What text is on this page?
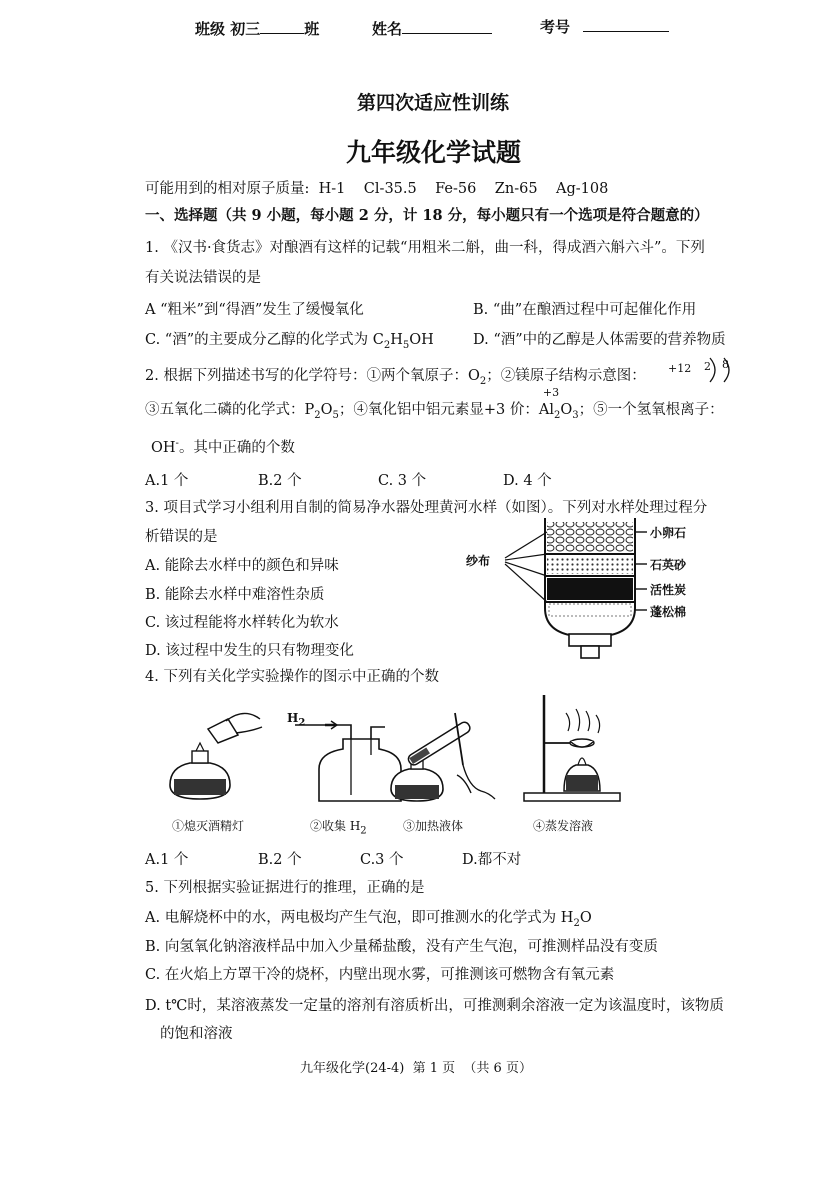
班级 初三	班	姓名	考号
第四次适应性训练
九年级化学试题
可能用到的相对原子质量:  H-1    Cl-35.5    Fe-56    Zn-65    Ag-108
一、选择题（共 9 小题，每小题 2 分，计 18 分，每小题只有一个选项是符合题意的）
1. 《汉书·食货志》对酿酒有这样的记载“用粗米二斛，曲一科，得成酒六斛六斗”。下列
有关说法错误的是
A “粗米”到“得酒”发生了缓慢氧化	B. “曲”在酿酒过程中可起催化作用
C. “酒”的主要成分乙醇的化学式为 $C_2H_5OH$	D. “酒”中的乙醇是人体需要的营养物质
2. 根据下列描述书写的化学符号：①两个氧原子：$O_2$；②镁原子结构示意图： +12 2 8
③五氧化二磷的化学式：$P_2O_5$；④氧化铝中铝元素显+3 价：
+3
$Al_2O_3$；⑤一个氢氧根离子：
OH-。其中正确的个数
A.1 个	B.2 个	C. 3 个	D. 4 个
3. 项目式学习小组利用自制的简易净水器处理黄河水样（如图）。下列对水样处理过程分
析错误的是
A. 能除去水样中的颜色和异味
B. 能除去水样中难溶性杂质
C. 该过程能将水样转化为软水
D. 该过程中发生的只有物理变化
纱布
小卵石
石英砂
活性炭
蓬松棉
4. 下列有关化学实验操作的图示中正确的个数
$H_2$
①熄灭酒精灯	②收集 $H_2$	③加热液体	④蒸发溶液
A.1 个	B.2 个	C.3 个	D.都不对
5. 下列根据实验证据进行的推理，正确的是
A. 电解烧杯中的水，两电极均产生气泡，即可推测水的化学式为 $H_2O$
B. 向氢氧化钠溶液样品中加入少量稀盐酸，没有产生气泡，可推测样品没有变质
C. 在火焰上方罩干冷的烧杯，内壁出现水雾，可推测该可燃物含有氧元素
D. t℃时，某溶液蒸发一定量的溶剂有溶质析出，可推测剩余溶液一定为该温度时，该物质
的饱和溶液
九年级化学(24-4)  第 1 页  （共 6 页）
